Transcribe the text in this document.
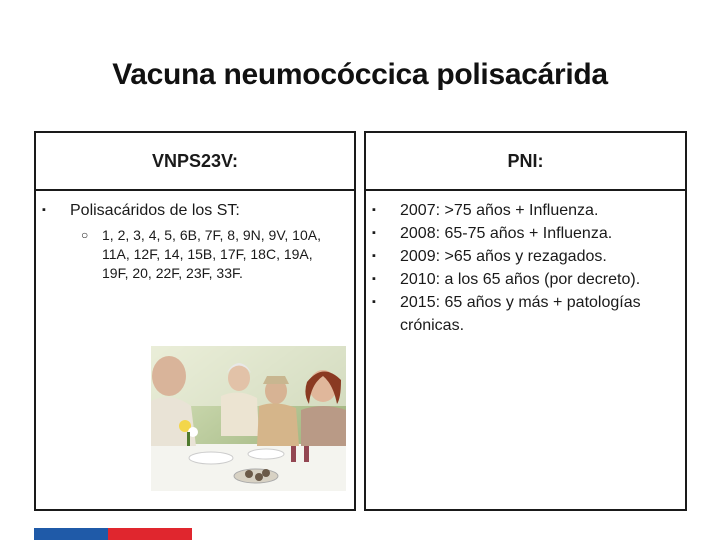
Vacuna neumocóccica polisacárida
VNPS23V:
▪ Polisacáridos de los ST:
○ 1, 2, 3, 4, 5, 6B, 7F, 8, 9N, 9V, 10A, 11A, 12F, 14, 15B, 17F, 18C, 19A, 19F, 20, 22F, 23F, 33F.
PNI:
▪ 2007: >75 años + Influenza.
▪ 2008: 65-75 años + Influenza.
▪ 2009: >65 años y rezagados.
▪ 2010: a los 65 años (por decreto).
▪ 2015: 65 años y más + patologías crónicas.
